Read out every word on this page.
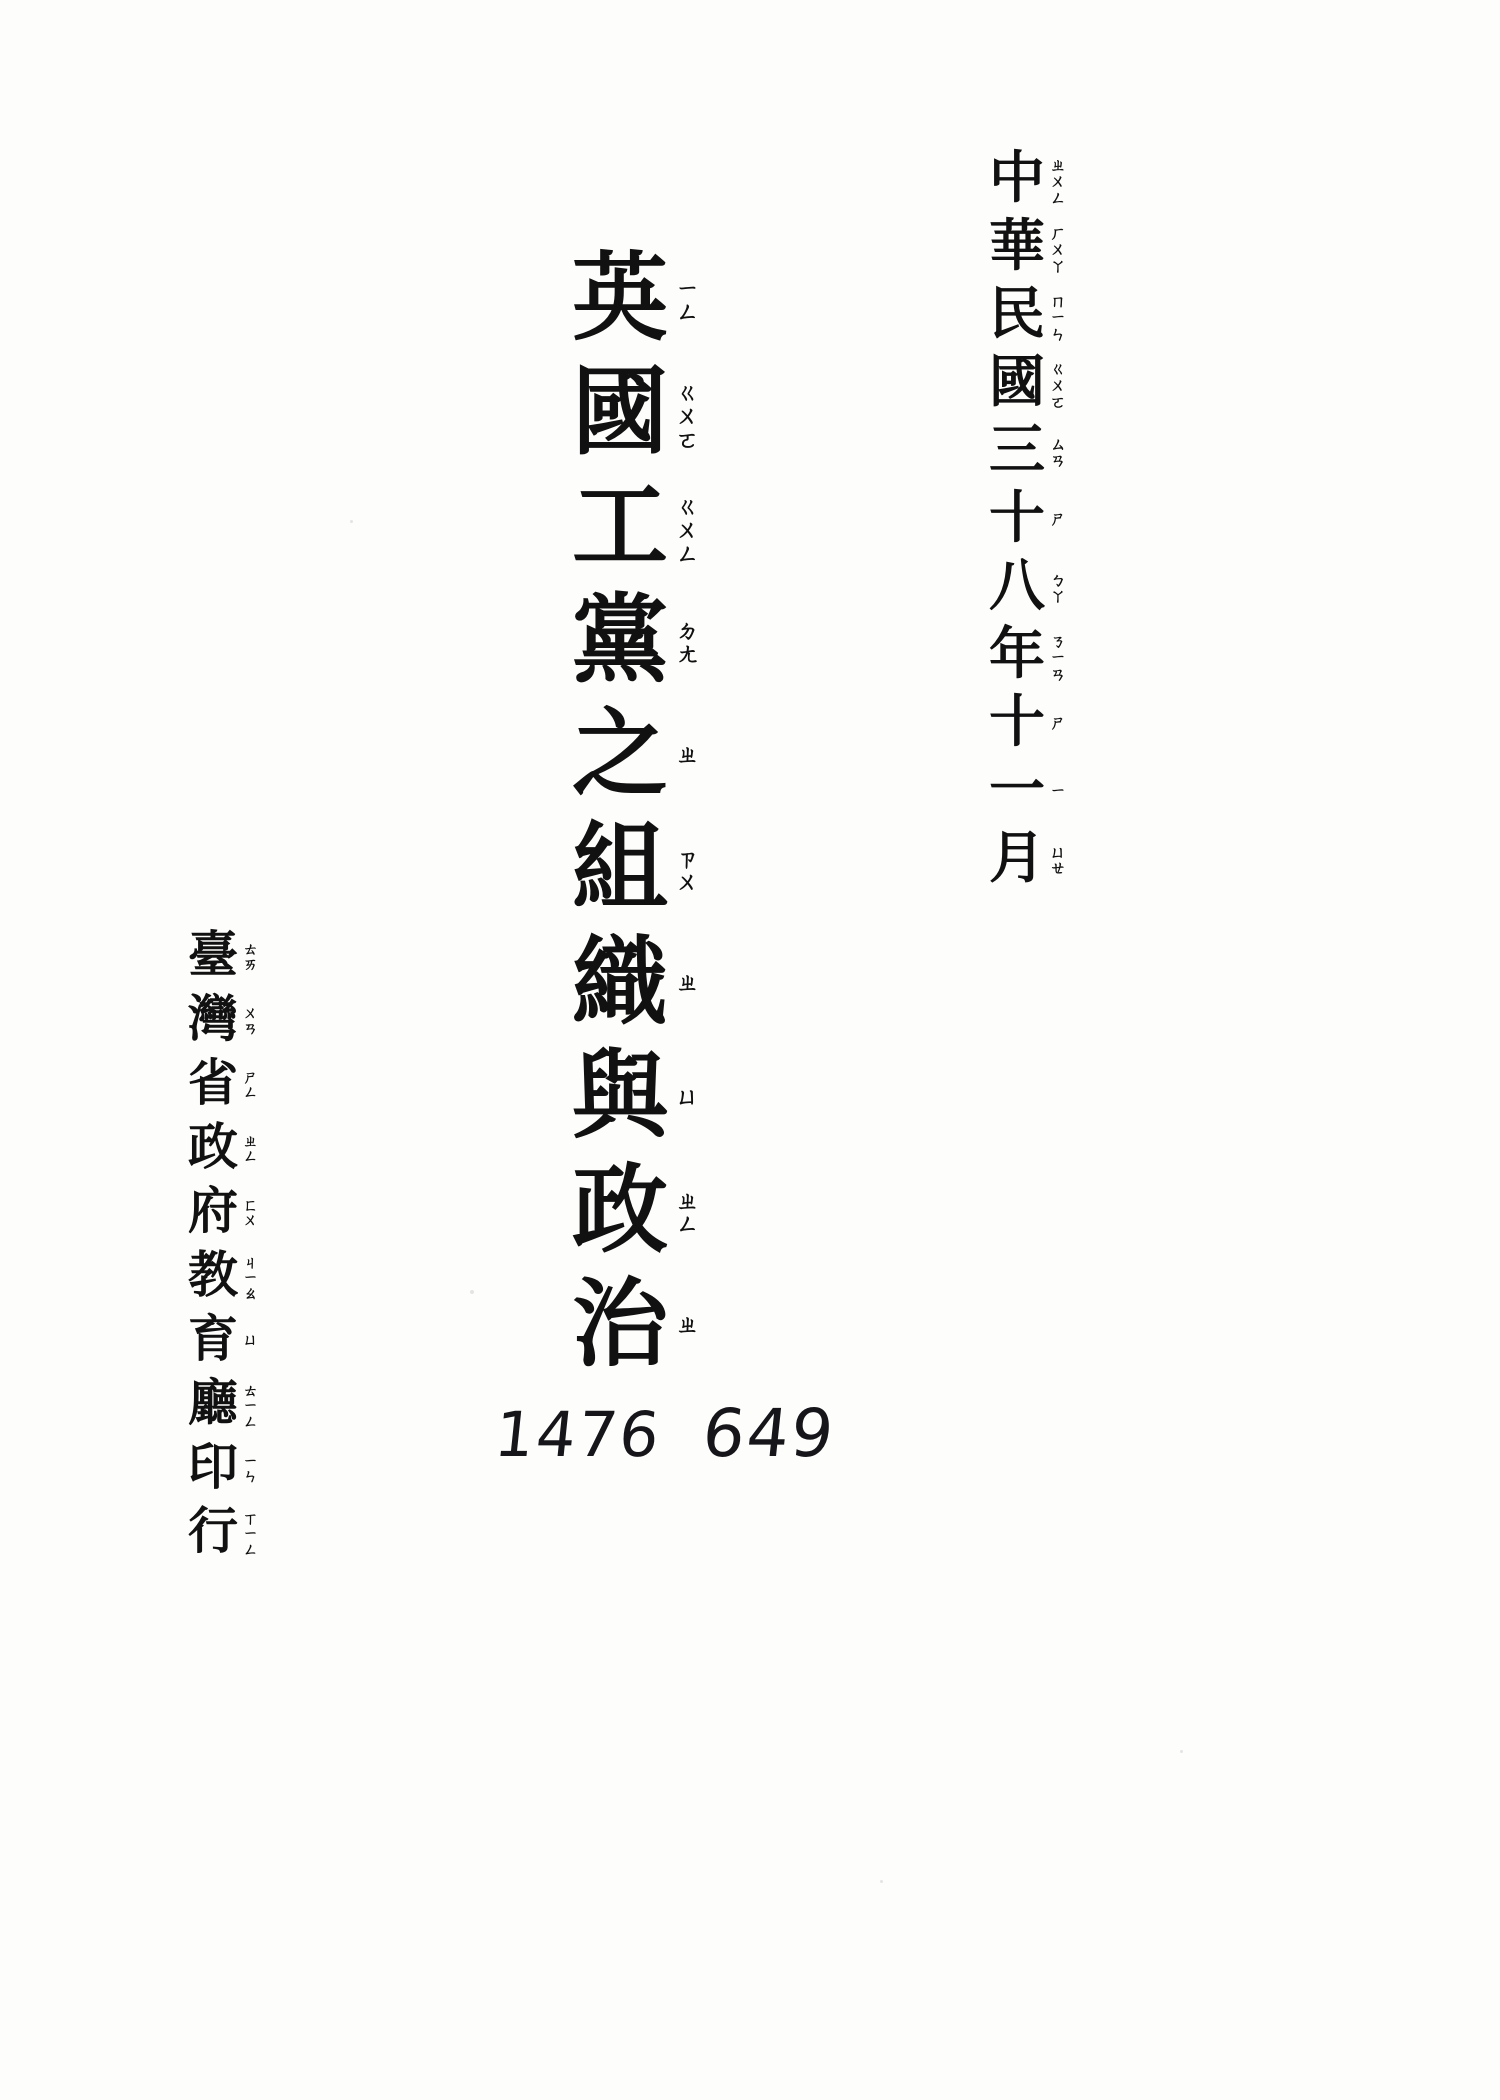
中 ㄓ
ㄨ
ㄥ
華 ㄏ
ㄨ
ㄚ
民 ㄇ
ㄧ
ㄣ
國 ㄍ
ㄨ
ㄛ
三 ㄙ
ㄢ
十 ㄕ
八 ㄅ
ㄚ
年 ㄋ
ㄧ
ㄢ
十 ㄕ
一 ㄧ
月 ㄩ
ㄝ
英 ㄧ
ㄥ
國 ㄍ
ㄨ
ㄛ
工 ㄍ
ㄨ
ㄥ
黨 ㄉ
ㄤ
之 ㄓ
組 ㄗ
ㄨ
織 ㄓ
與 ㄩ
政 ㄓ
ㄥ
治 ㄓ
臺 ㄊ
ㄞ
灣 ㄨ
ㄢ
省 ㄕ
ㄥ
政 ㄓ
ㄥ
府 ㄈ
ㄨ
教 ㄐ
ㄧ
ㄠ
育 ㄩ
廳 ㄊ
ㄧ
ㄥ
印 ㄧ
ㄣ
行 ㄒ
ㄧ
ㄥ
1476 649
